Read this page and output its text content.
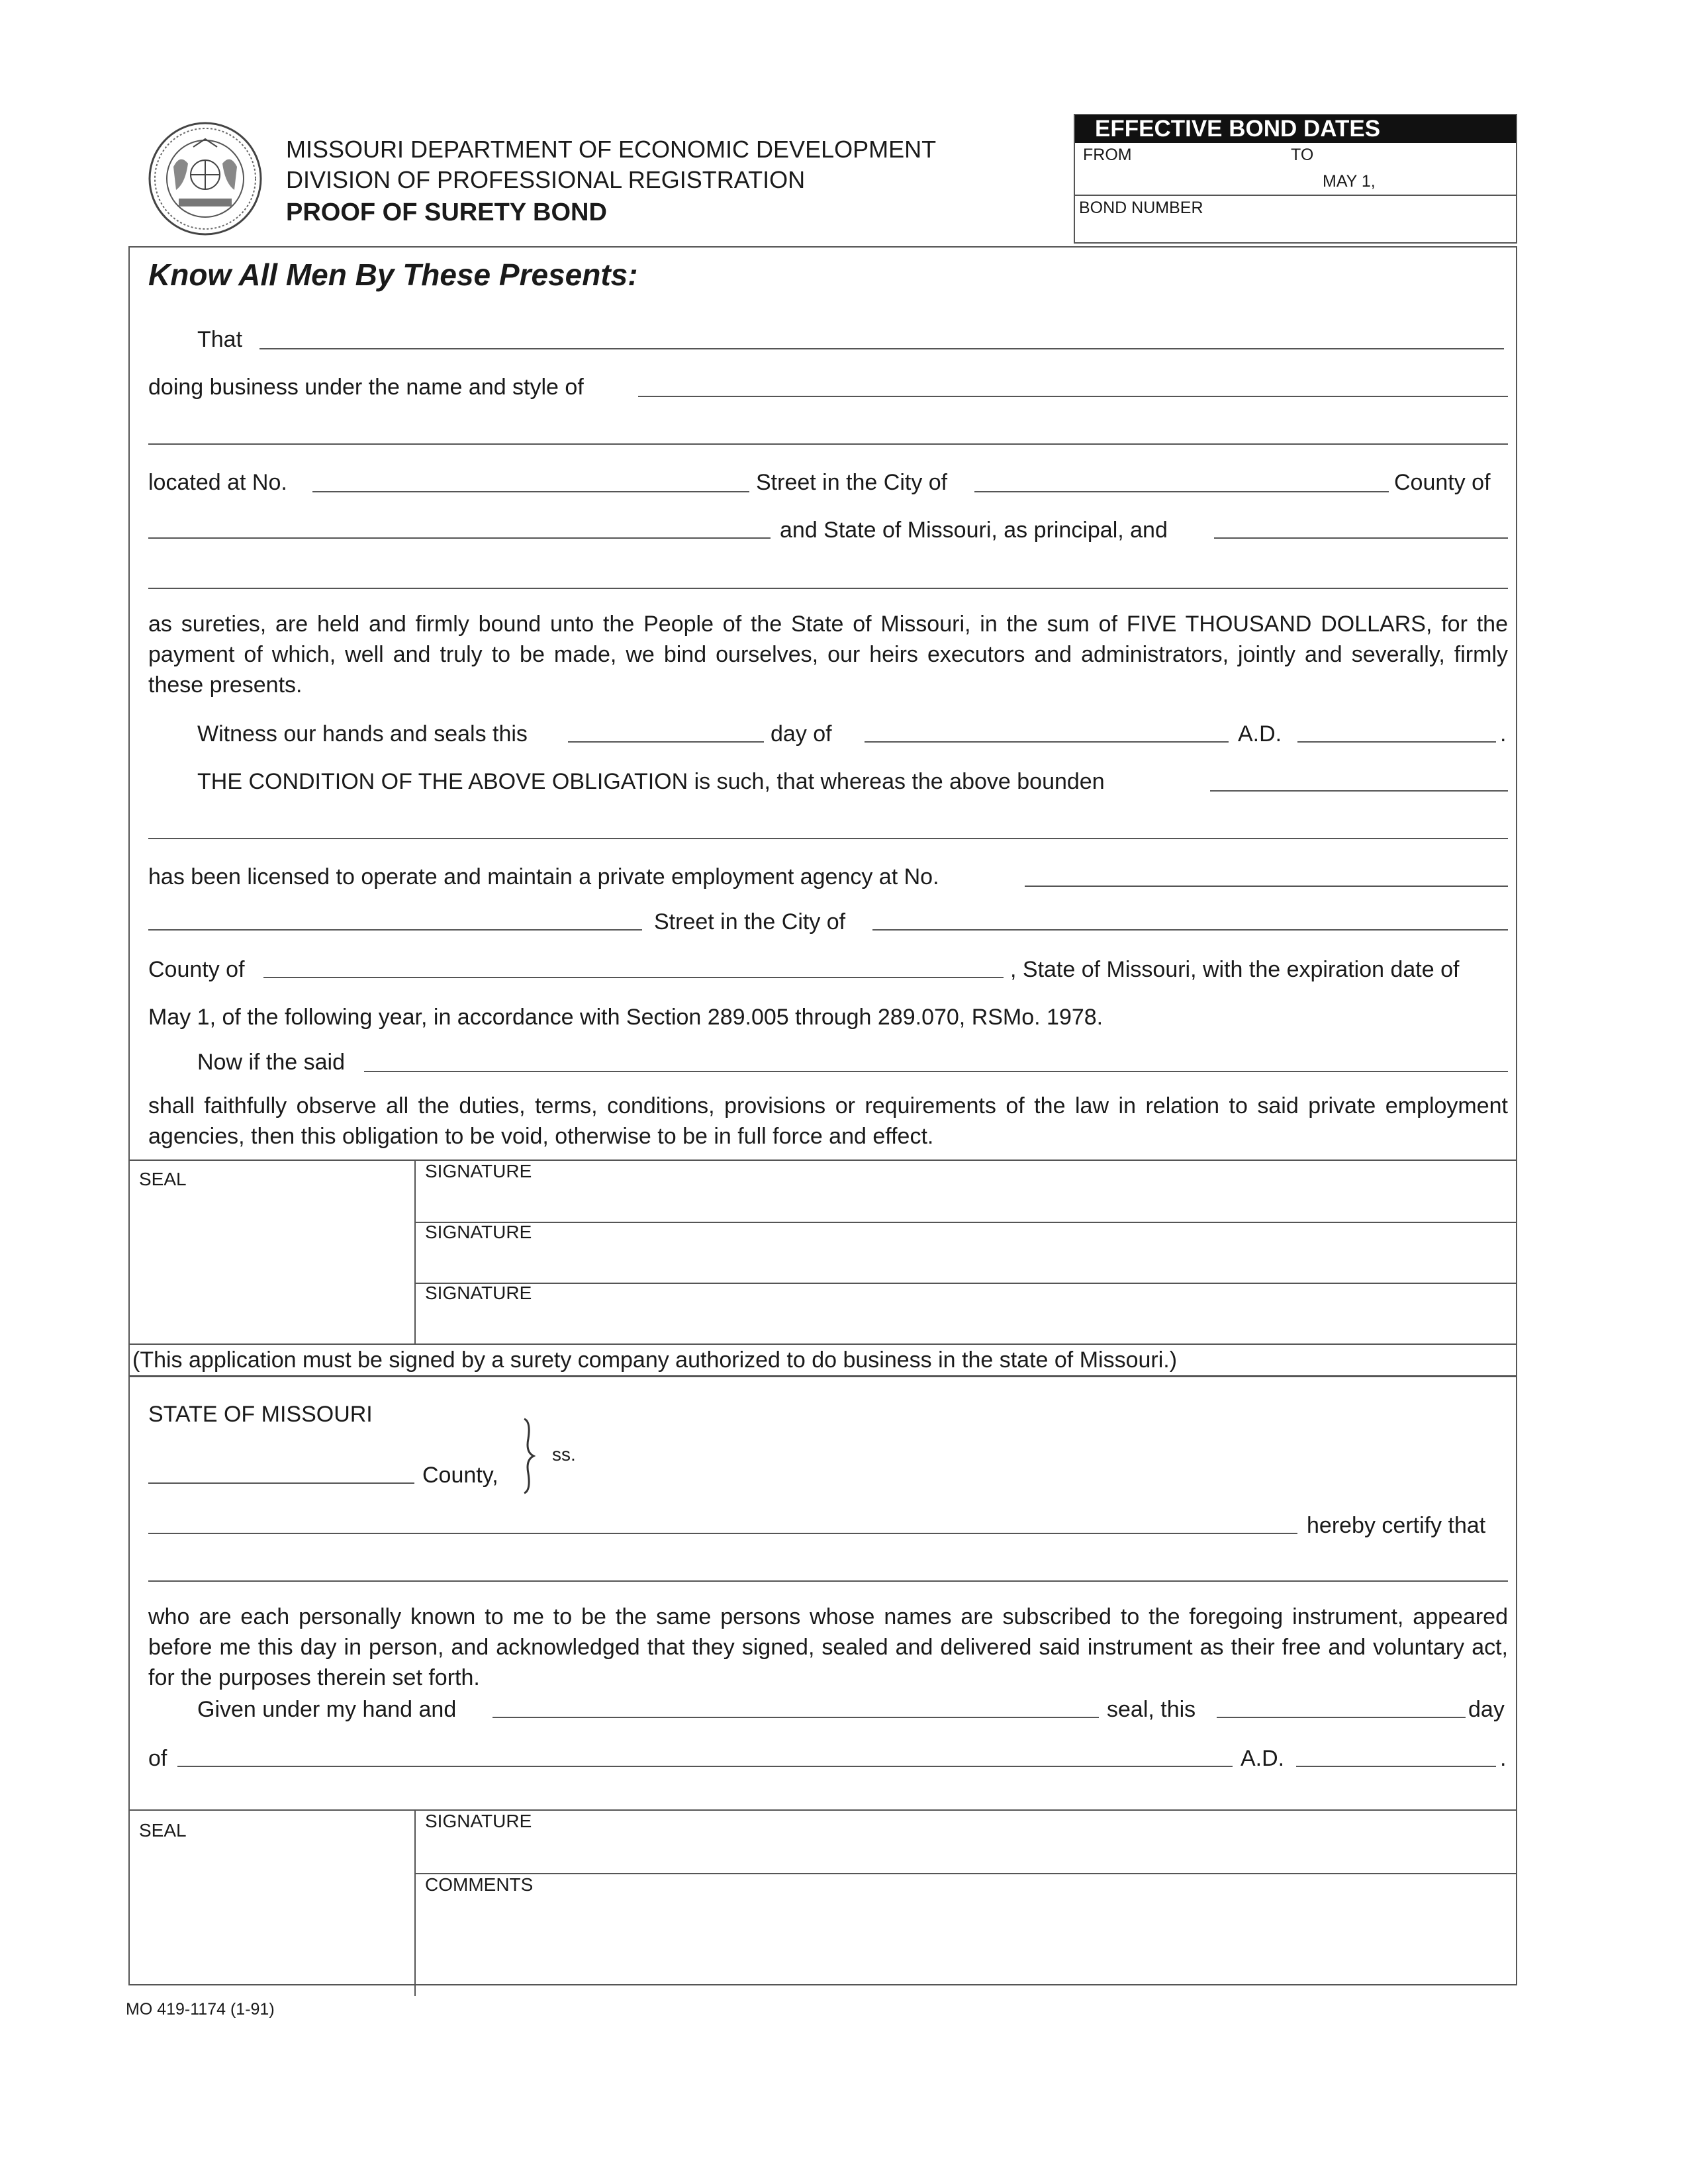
MISSOURI DEPARTMENT OF ECONOMIC DEVELOPMENT
DIVISION OF PROFESSIONAL REGISTRATION
PROOF OF SURETY BOND
EFFECTIVE BOND DATES
FROM	TO
MAY 1,
BOND NUMBER
Know All Men By These Presents:
That
doing business under the name and style of
located at No.	Street in the City of	County of
and State of Missouri, as principal, and
as sureties, are held and firmly bound unto the People of the State of Missouri, in the sum of FIVE THOUSAND DOLLARS, for the payment of which, well and truly to be made, we bind ourselves, our heirs executors and administrators, jointly and severally, firmly these presents.
Witness our hands and seals this	day of	A.D.	.
THE CONDITION OF THE ABOVE OBLIGATION is such, that whereas the above bounden
has been licensed to operate and maintain a private employment agency at No.
Street in the City of
County of	, State of Missouri, with the expiration date of
May 1, of the following year, in accordance with Section 289.005 through 289.070, RSMo. 1978.
Now if the said
shall faithfully observe all the duties, terms, conditions, provisions or requirements of the law in relation to said private employment agencies, then this obligation to be void, otherwise to be in full force and effect.
SEAL	SIGNATURE
SIGNATURE
SIGNATURE
(This application must be signed by a surety company authorized to do business in the state of Missouri.)
STATE OF MISSOURI
County,
ss.
hereby certify that
who are each personally known to me to be the same persons whose names are subscribed to the foregoing instrument, appeared before me this day in person, and acknowledged that they signed, sealed and delivered said instrument as their free and voluntary act, for the purposes therein set forth.
Given under my hand and	seal, this	day
of	A.D.	.
SEAL	SIGNATURE
COMMENTS
MO 419-1174 (1-91)
